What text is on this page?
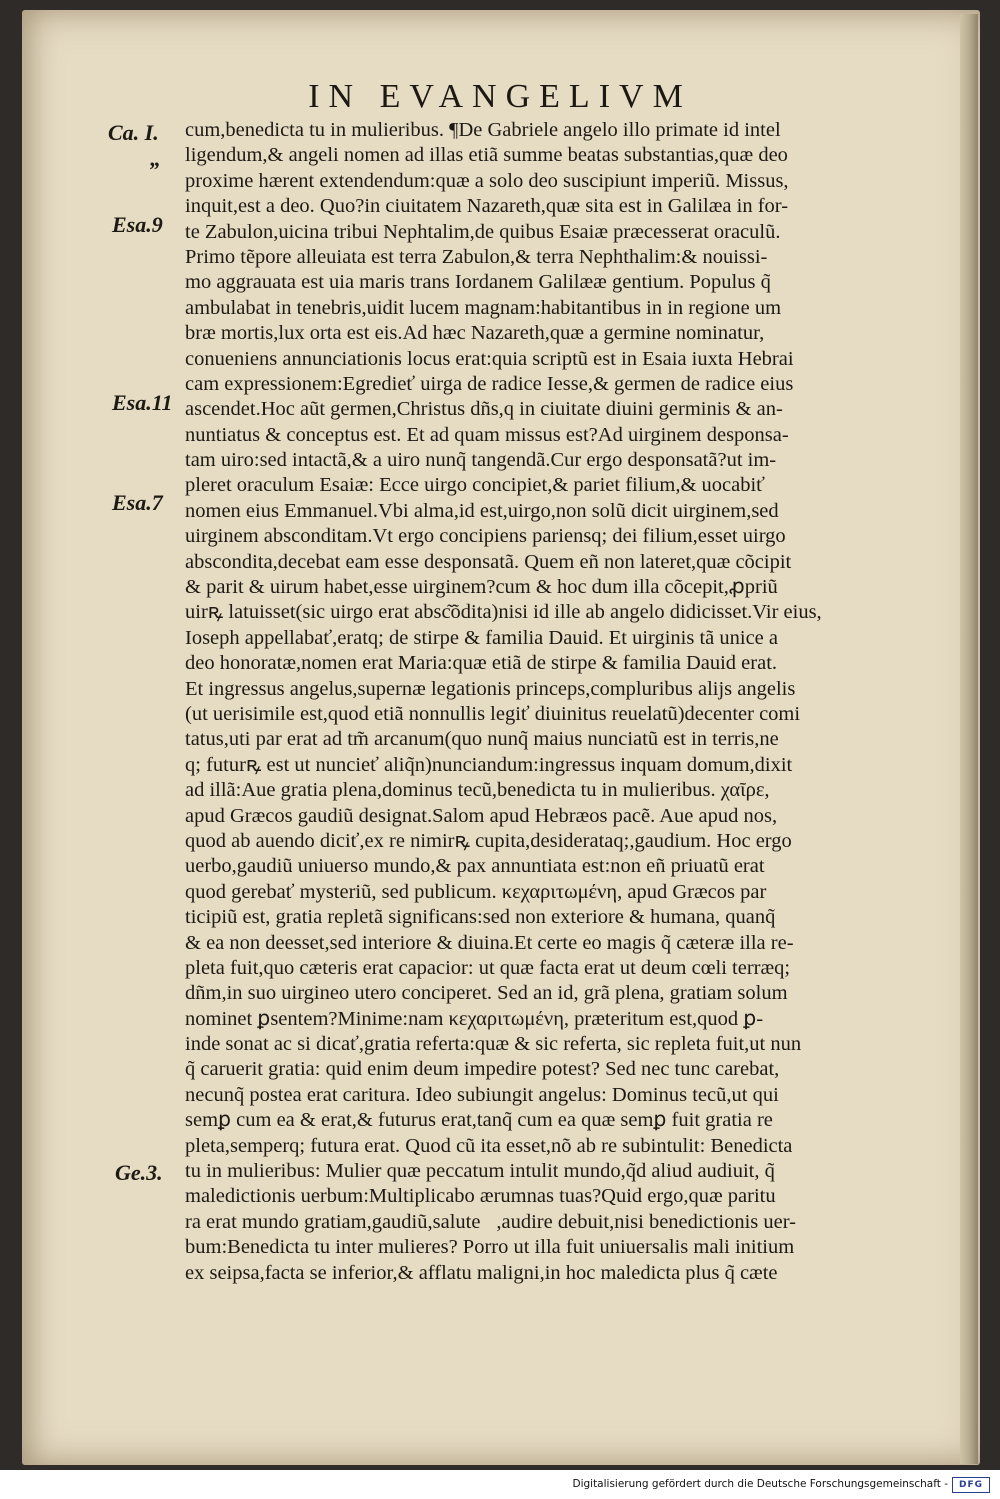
IN EVANGELIVM
Ca. I.
„
Esa.9
Esa.11
Esa.7
Ge.3.
cum,benedicta tu in mulieribus. ¶De Gabriele angelo illo primate id intel
ligendum,& angeli nomen ad illas etiã summe beatas substantias,quæ deo
proxime hærent extendendum:quæ a solo deo suscipiunt imperiũ. Missus,
inquit,est a deo. Quo?in ciuitatem Nazareth,quæ sita est in Galilæa in for-
te Zabulon,uicina tribui Nephtalim,de quibus Esaiæ præcesserat oraculũ.
Primo tẽpore alleuiata est terra Zabulon,& terra Nephthalim:& nouissi-
mo aggrauata est uia maris trans Iordanem Galilææ gentium. Populus q̃
ambulabat in tenebris,uidit lucem magnam:habitantibus in in regione um
bræ mortis,lux orta est eis.Ad hæc Nazareth,quæ a germine nominatur,
conueniens annunciationis locus erat:quia scriptũ est in Esaia iuxta Hebrai
cam expressionem:Egredieť uirga de radice Iesse,& germen de radice eius
ascendet.Hoc aũt germen,Christus dñs,q in ciuitate diuini germinis & an-
nuntiatus & conceptus est. Et ad quam missus est?Ad uirginem desponsa-
tam uiro:sed intactã,& a uiro nunq̃ tangendã.Cur ergo desponsatã?ut im-
pleret oraculum Esaiæ: Ecce uirgo concipiet,& pariet filium,& uocabiť
nomen eius Emmanuel.Vbi alma,id est,uirgo,non solũ dicit uirginem,sed
uirginem absconditam.Vt ergo concipiens pariensq; dei filium,esset uirgo
abscondita,decebat eam esse desponsatã. Quem eñ non lateret,quæ cõcipit
& parit & uirum habet,esse uirginem?cum & hoc dum illa cõcepit,ꝓpriũ
uirꝶ latuisset(sic uirgo erat absc͂õdita)nisi id ille ab angelo didicisset.Vir eius,
Ioseph appellabať,eratq; de stirpe & familia Dauid. Et uirginis tã unice a
deo honoratæ,nomen erat Maria:quæ etiã de stirpe & familia Dauid erat.
Et ingressus angelus,supernæ legationis princeps,compluribus alijs angelis
(ut uerisimile est,quod etiã nonnullis legiť diuinitus reuelatũ)decenter comi
tatus,uti par erat ad tm̃ arcanum(quo nunq̃ maius nunciatũ est in terris,ne
q; futurꝶ est ut nuncieť aliq̃n)nunciandum:ingressus inquam domum,dixit
ad illã:Aue gratia plena,dominus tecũ,benedicta tu in mulieribus. χαῖρε,
apud Græcos gaudiũ designat.Salom apud Hebræos pacẽ. Aue apud nos,
quod ab auendo diciť,ex re nimirꝶ cupita,desiderataq;,gaudium. Hoc ergo
uerbo,gaudiũ uniuerso mundo,& pax annuntiata est:non eñ priuatũ erat
quod gerebať mysteriũ, sed publicum. κεχαριτωμένη, apud Græcos par
ticipiũ est, gratia repletã significans:sed non exteriore & humana, quanq̃
& ea non deesset,sed interiore & diuina.Et certe eo magis q̃ cæteræ illa re-
pleta fuit,quo cæteris erat capacior: ut quæ facta erat ut deum cœli terræq;
dñm,in suo uirgineo utero conciperet. Sed an id, grã plena, gratiam solum
nominet ꝑsentem?Minime:nam κεχαριτωμένη, præteritum est,quod ꝑ-
inde sonat ac si dicať,gratia referta:quæ & sic referta, sic repleta fuit,ut nun
q̃ caruerit gratia: quid enim deum impedire potest? Sed nec tunc carebat,
necunq̃ postea erat caritura. Ideo subiungit angelus: Dominus tecũ,ut qui
semꝑ cum ea & erat,& futurus erat,tanq̃ cum ea quæ semꝑ fuit gratia re
pleta,semperq; futura erat. Quod cũ ita esset,nõ ab re subintulit: Benedicta
tu in mulieribus: Mulier quæ peccatum intulit mundo,q̃d aliud audiuit, q̃
maledictionis uerbum:Multiplicabo ærumnas tuas?Quid ergo,quæ paritu
ra erat mundo gratiam,gaudiũ,saluteᷓ,audire debuit,nisi benedictionis uer-
bum:Benedicta tu inter mulieres? Porro ut illa fuit uniuersalis mali initium
ex seipsa,facta se inferior,& afflatu maligni,in hoc maledicta plus q̃ cæte
Digitalisierung gefördert durch die Deutsche Forschungsgemeinschaft - DFG
